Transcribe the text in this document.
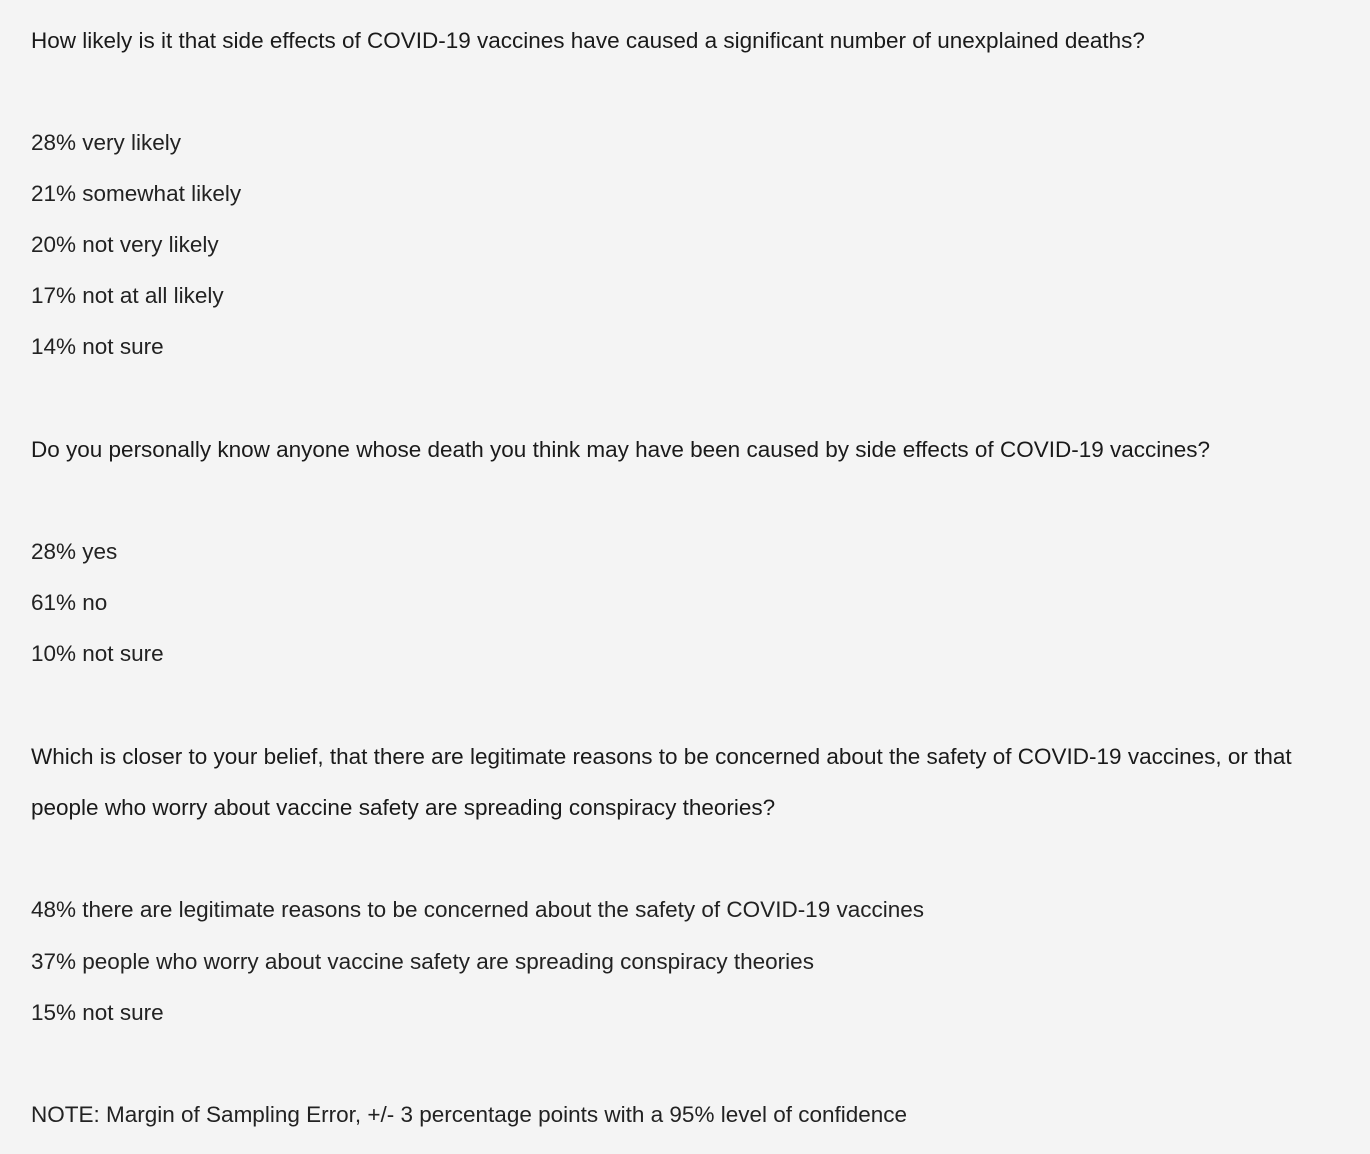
How likely is it that side effects of COVID-19 vaccines have caused a significant number of unexplained deaths?

28% very likely

21% somewhat likely

20% not very likely

17% not at all likely

14% not sure

Do you personally know anyone whose death you think may have been caused by side effects of COVID-19 vaccines?

28% yes

61% no

10% not sure

Which is closer to your belief, that there are legitimate reasons to be concerned about the safety of COVID-19 vaccines, or that

people who worry about vaccine safety are spreading conspiracy theories?

48% there are legitimate reasons to be concerned about the safety of COVID-19 vaccines

37% people who worry about vaccine safety are spreading conspiracy theories

15% not sure

NOTE: Margin of Sampling Error, +/- 3 percentage points with a 95% level of confidence
